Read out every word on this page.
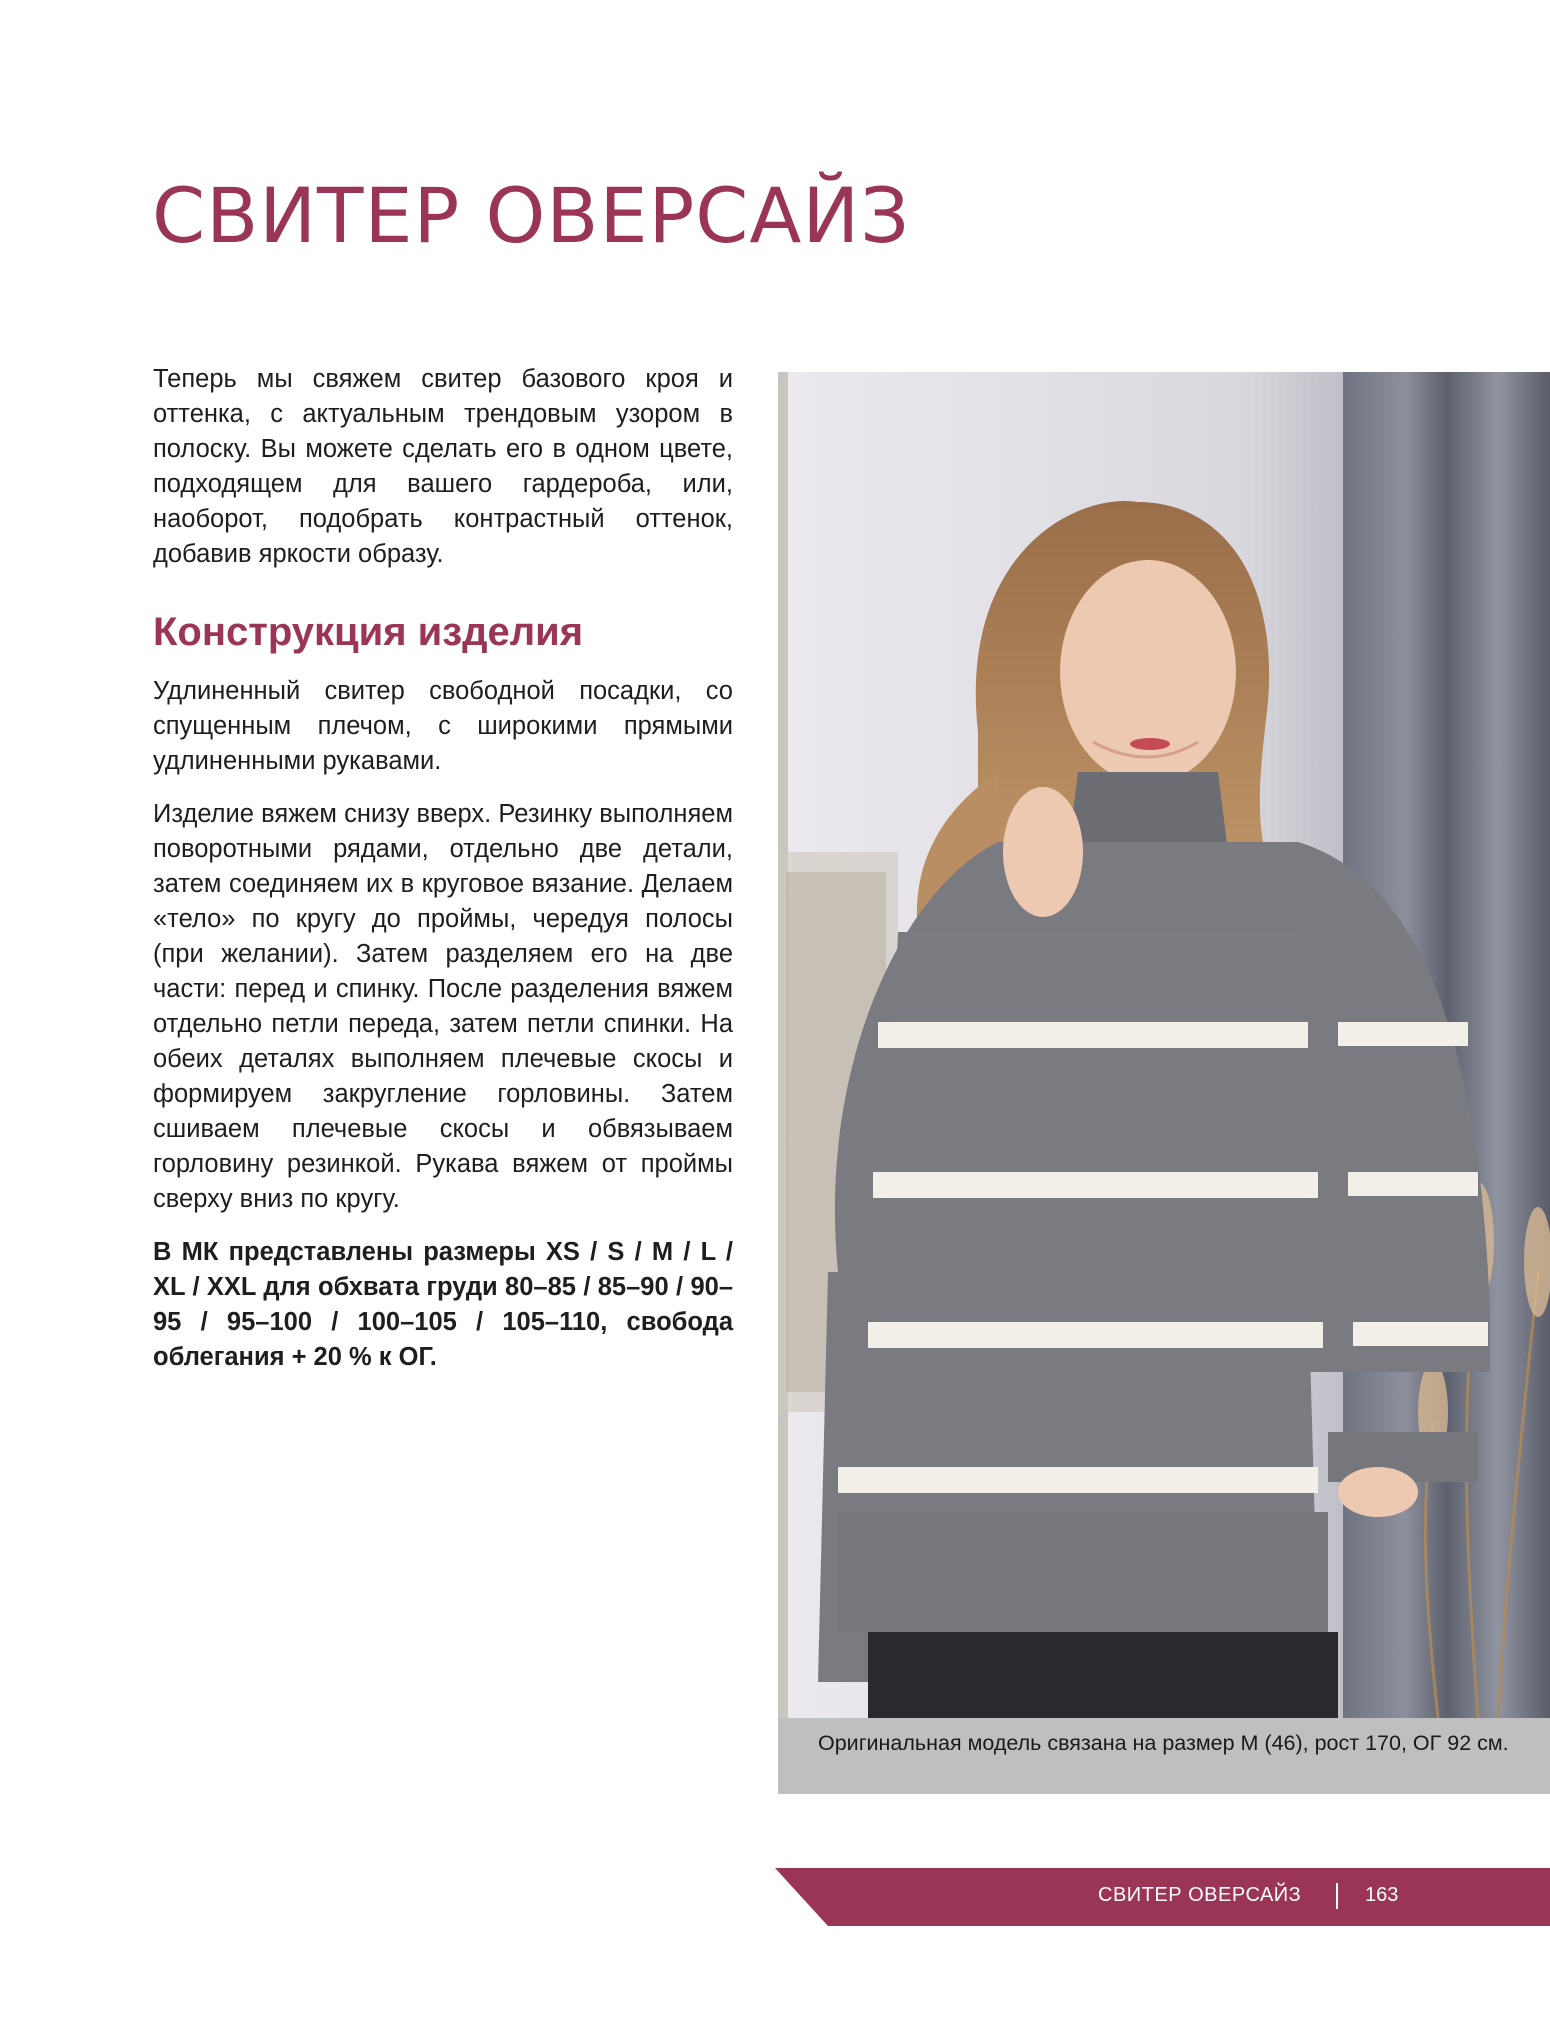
СВИТЕР ОВЕРСАЙЗ

Теперь мы свяжем свитер базового кроя и оттенка, с актуальным трендовым узором в полоску. Вы можете сделать его в одном цвете, подходящем для вашего гардероба, или, наоборот, подобрать контрастный оттенок, добавив яркости образу.

Конструкция изделия

Удлиненный свитер свободной посадки, со спущенным плечом, с широкими прямыми удлиненными рукавами.

Изделие вяжем снизу вверх. Резинку выполняем поворотными рядами, отдельно две детали, затем соединяем их в круговое вязание. Делаем «тело» по кругу до проймы, чередуя полосы (при желании). Затем разделяем его на две части: перед и спинку. После разделения вяжем отдельно петли переда, затем петли спинки. На обеих деталях выполняем плечевые скосы и формируем закругление горловины. Затем сшиваем плечевые скосы и обвязываем горловину резинкой. Рукава вяжем от проймы сверху вниз по кругу.

В МК представлены размеры XS / S / M / L / XL / XXL для обхвата груди 80–85 / 85–90 / 90–95 / 95–100 / 100–105 / 105–110, свобода облегания + 20 % к ОГ.

Оригинальная модель связана на размер М (46), рост 170, ОГ 92 см.

СВИТЕР ОВЕРСАЙЗ	163
